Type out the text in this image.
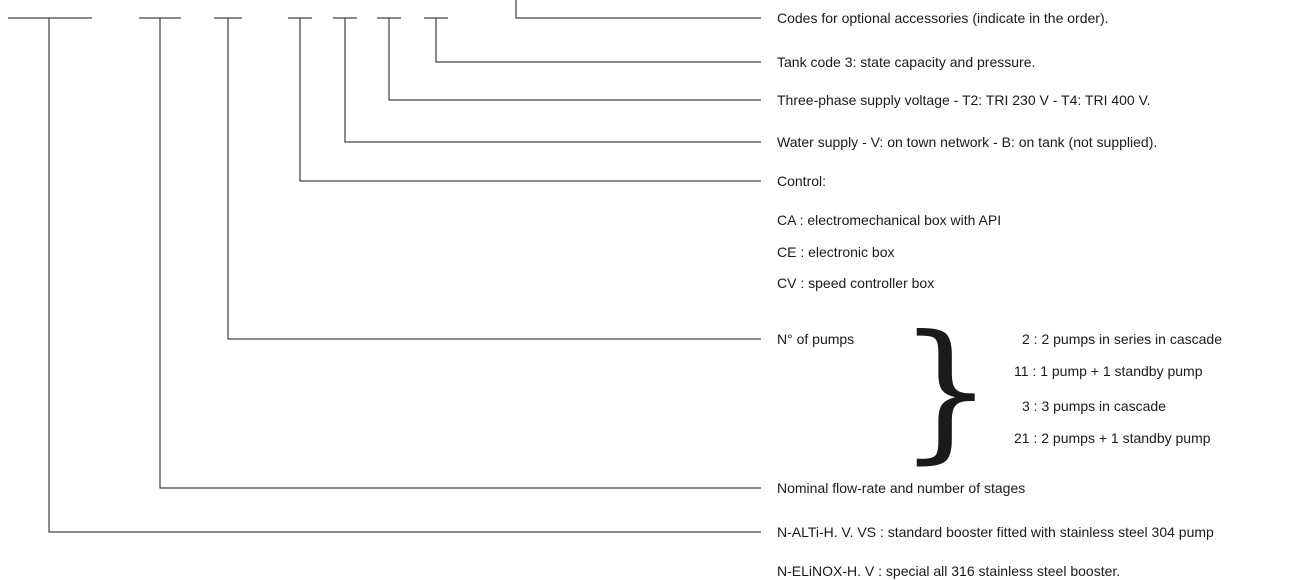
Codes for optional accessories (indicate in the order).
Tank code 3: state capacity and pressure.
Three-phase supply voltage - T2: TRI 230 V - T4: TRI 400 V.
Water supply - V: on town network - B: on tank (not supplied).
Control:
CA : electromechanical box with API
CE : electronic box
CV : speed controller box
N° of pumps } 2 : 2 pumps in series in cascade
11 : 1 pump + 1 standby pump
3 : 3 pumps in cascade
21 : 2 pumps + 1 standby pump
Nominal flow-rate and number of stages
N-ALTi-H. V. VS : standard booster fitted with stainless steel 304 pump
N-ELiNOX-H. V : special all 316 stainless steel booster.
